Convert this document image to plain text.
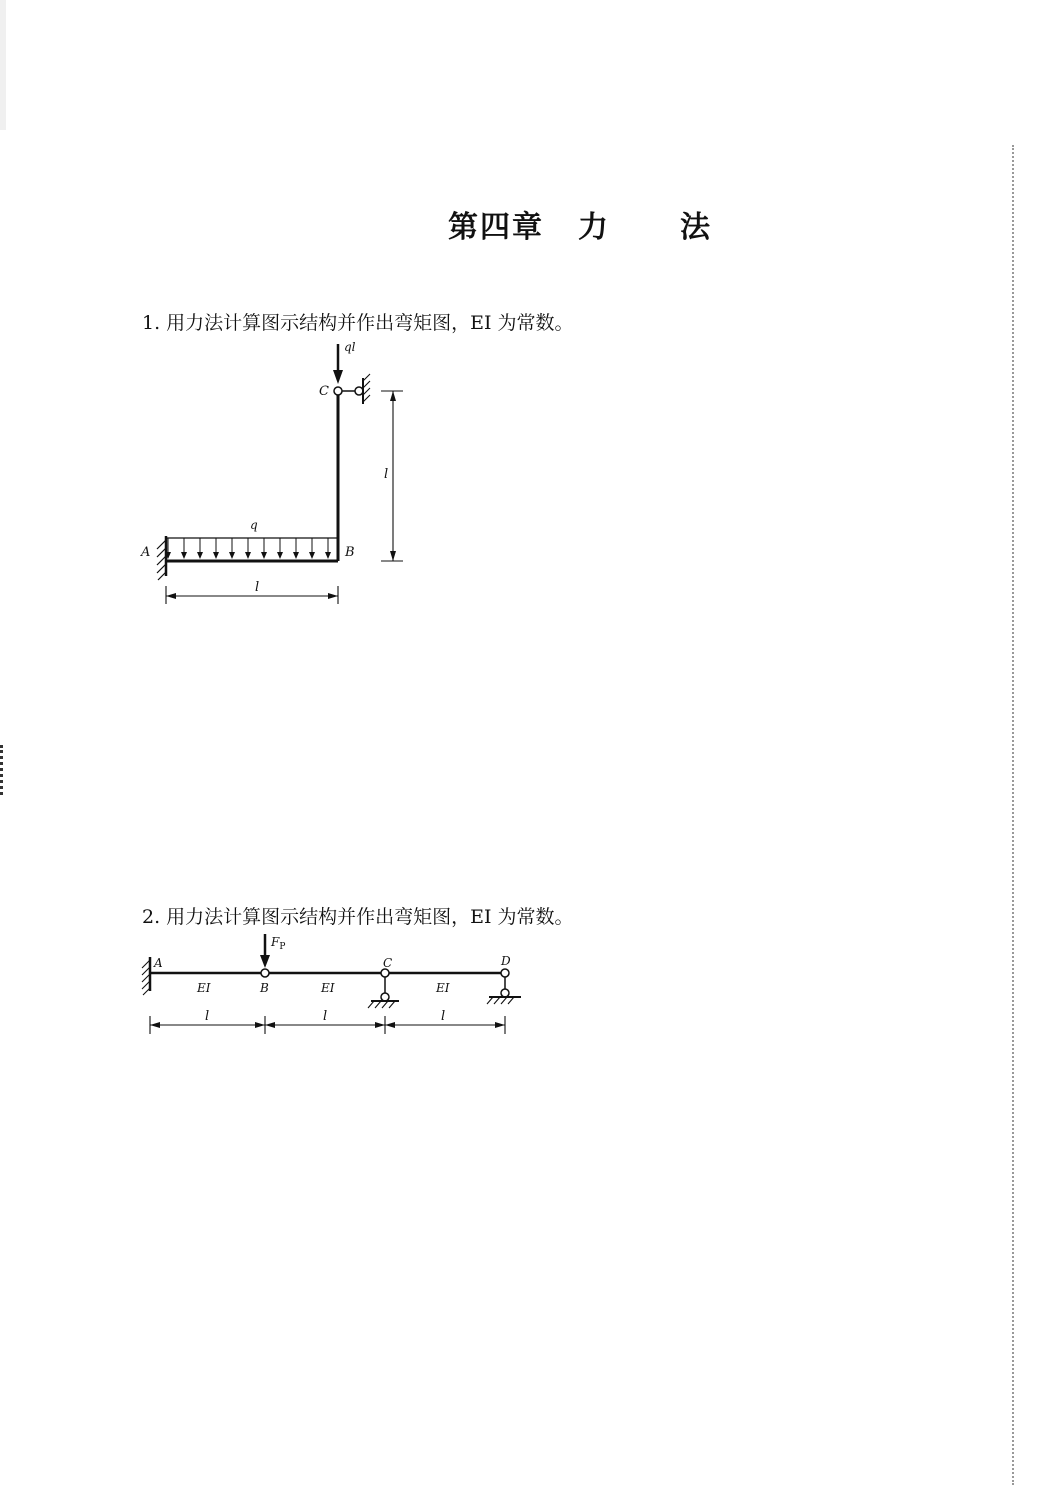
第四章 力 法
1. 用力法计算图示结构并作出弯矩图，EI 为常数。
A	B
C
ql
q
l
l
2. 用力法计算图示结构并作出弯矩图，EI 为常数。
A
B
C	D
$F_P$
EI	EI	EI
l	l	l
